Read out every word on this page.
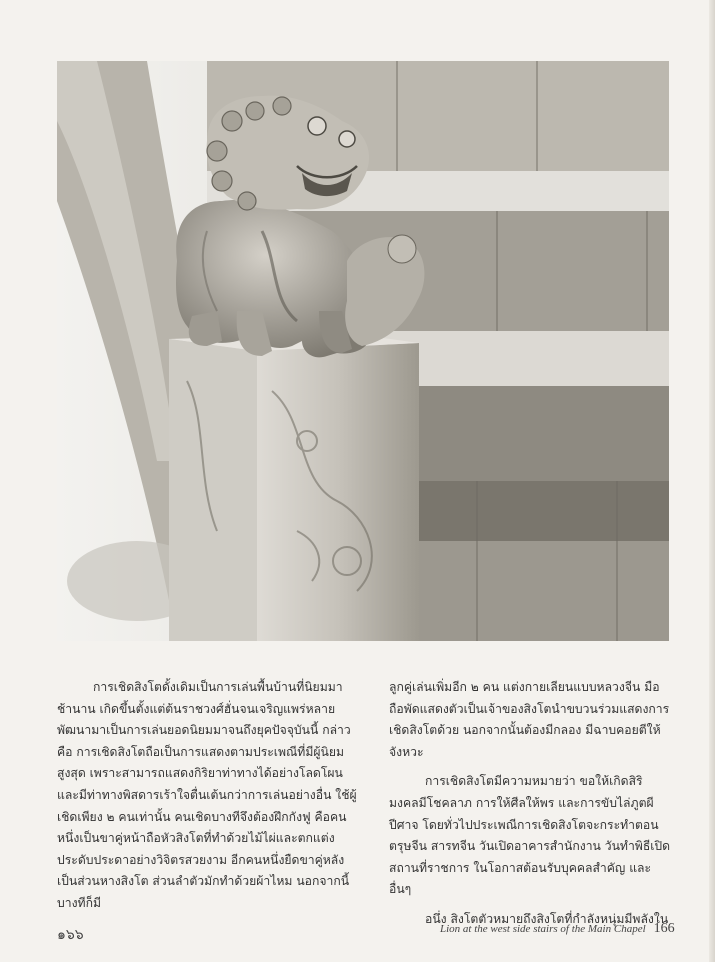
การเชิดสิงโตดั้งเดิมเป็นการเล่นพื้นบ้านที่นิยมมาช้านาน เกิดขึ้นตั้งแต่ต้นราชวงศ์ฮั่นจนเจริญแพร่หลายพัฒนามาเป็นการเล่นยอดนิยมมาจนถึงยุคปัจจุบันนี้ กล่าวคือ การเชิดสิงโตถือเป็นการแสดงตามประเพณีที่มีผู้นิยมสูงสุด เพราะสามารถแสดงกิริยาท่าทางได้อย่างโลดโผน และมีท่าทางพิสดารเร้าใจตื่นเต้นกว่าการเล่นอย่างอื่น ใช้ผู้เชิดเพียง ๒ คนเท่านั้น คนเชิดบางทีจึงต้องฝึกกังฟู คือคนหนึ่งเป็นขาคู่หน้าถือหัวสิงโตที่ทำด้วยไม้ไผ่และตกแต่งประดับประดาอย่างวิจิตรสวยงาม อีกคนหนึ่งยืดขาคู่หลังเป็นส่วนหางสิงโต ส่วนลำตัวมักทำด้วยผ้าไหม นอกจากนี้ บางทีก็มี

ลูกคู่เล่นเพิ่มอีก ๒ คน แต่งกายเลียนแบบหลวงจีน มือถือพัดแสดงตัวเป็นเจ้าของสิงโตนำขบวนร่วมแสดงการเชิดสิงโตด้วย นอกจากนั้นต้องมีกลอง มีฉาบคอยตีให้จังหวะ

การเชิดสิงโตมีความหมายว่า ขอให้เกิดสิริมงคลมีโชคลาภ การให้ศีลให้พร และการขับไล่ภูตผีปีศาจ โดยทั่วไปประเพณีการเชิดสิงโตจะกระทำตอนตรุษจีน สารทจีน วันเปิดอาคารสำนักงาน วันทำพิธีเปิดสถานที่ราชการ ในโอกาสต้อนรับบุคคลสำคัญ และอื่นๆ

อนึ่ง สิงโตตัวหมายถึงสิงโตที่กำลังหนุ่มมีพลังใน

๑๖๖	Lion at the west side stairs of the Main Chapel 166
